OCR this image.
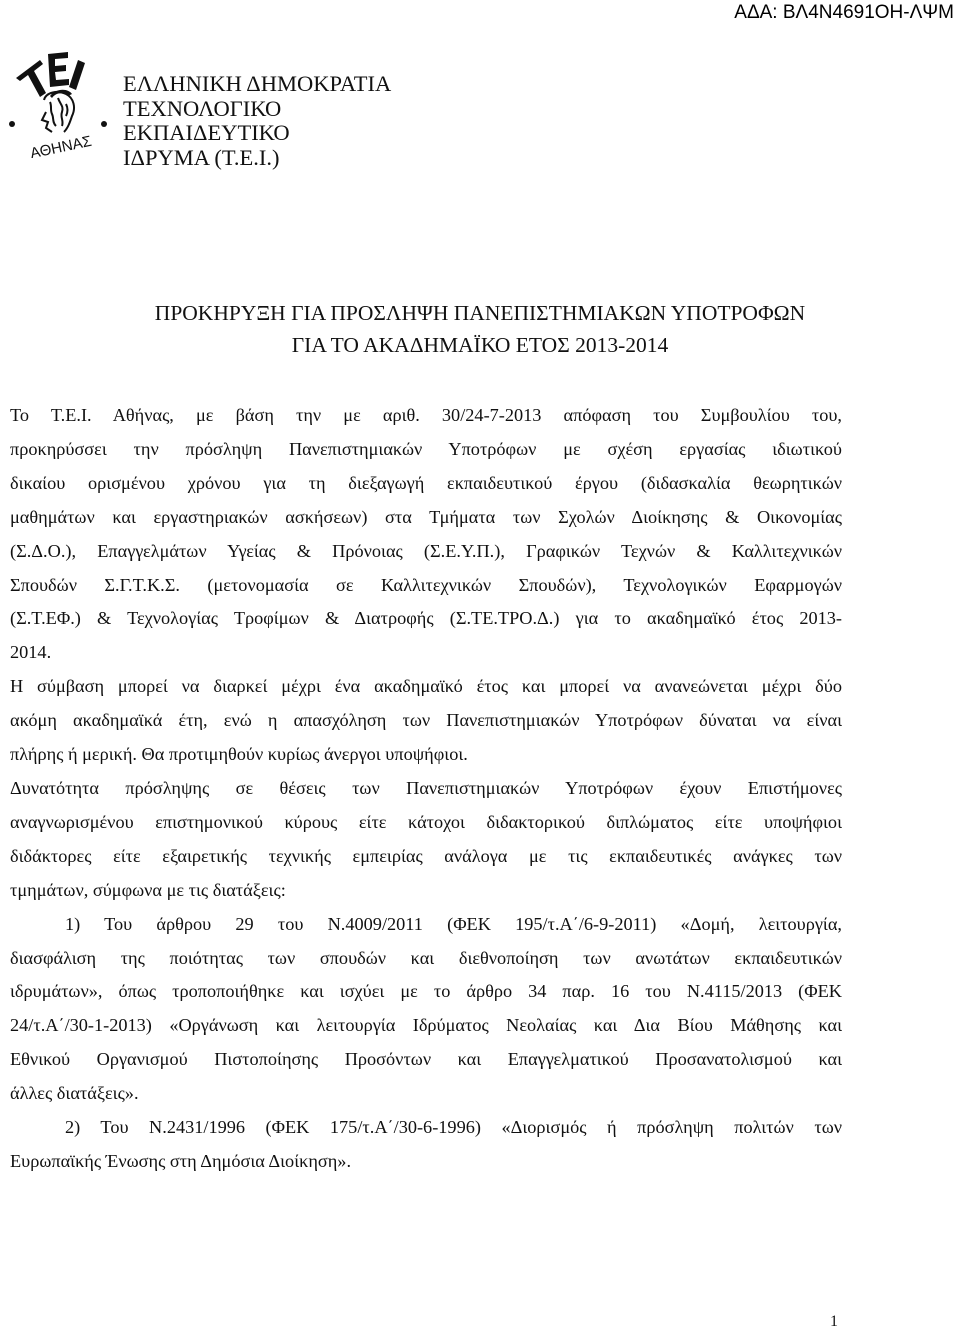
ΑΔΑ: ΒΛ4Ν4691ΟΗ-ΛΨΜ
ΑΘΗΝΑΣ
ΕΛΛΗΝΙΚΗ ΔΗΜΟΚΡΑΤΙΑ
ΤΕΧΝΟΛΟΓΙΚΟ
ΕΚΠΑΙΔΕΥΤΙΚΟ
ΙΔΡΥΜΑ (Τ.Ε.Ι.)
ΠΡΟΚΗΡΥΞΗ ΓΙΑ ΠΡΟΣΛΗΨΗ ΠΑΝΕΠΙΣΤΗΜΙΑΚΩΝ ΥΠΟΤΡΟΦΩΝ
ΓΙΑ ΤΟ ΑΚΑΔΗΜΑΪΚΟ ΕΤΟΣ 2013-2014

Το Τ.Ε.Ι. Αθήνας, με βάση την με αριθ. 30/24-7-2013 απόφαση του Συμβουλίου του,
προκηρύσσει την πρόσληψη Πανεπιστημιακών Υποτρόφων με σχέση εργασίας ιδιωτικού
δικαίου ορισμένου χρόνου για τη διεξαγωγή εκπαιδευτικού έργου (διδασκαλία θεωρητικών
μαθημάτων και εργαστηριακών ασκήσεων) στα Τμήματα των Σχολών Διοίκησης & Οικονομίας
(Σ.Δ.Ο.), Επαγγελμάτων Υγείας & Πρόνοιας (Σ.Ε.Υ.Π.), Γραφικών Τεχνών & Καλλιτεχνικών
Σπουδών Σ.Γ.Τ.Κ.Σ. (μετονομασία σε Καλλιτεχνικών Σπουδών), Τεχνολογικών Εφαρμογών
(Σ.Τ.ΕΦ.) & Τεχνολογίας Τροφίμων & Διατροφής (Σ.ΤΕ.ΤΡΟ.Δ.) για το ακαδημαϊκό έτος 2013-
2014.

Η σύμβαση μπορεί να διαρκεί μέχρι ένα ακαδημαϊκό έτος και μπορεί να ανανεώνεται μέχρι δύο
ακόμη ακαδημαϊκά έτη, ενώ η απασχόληση των Πανεπιστημιακών Υποτρόφων δύναται να είναι
πλήρης ή μερική. Θα προτιμηθούν κυρίως άνεργοι υποψήφιοι.

Δυνατότητα πρόσληψης σε θέσεις των Πανεπιστημιακών Υποτρόφων έχουν Επιστήμονες
αναγνωρισμένου επιστημονικού κύρους είτε κάτοχοι διδακτορικού διπλώματος είτε υποψήφιοι
διδάκτορες είτε εξαιρετικής τεχνικής εμπειρίας ανάλογα με τις εκπαιδευτικές ανάγκες των
τμημάτων, σύμφωνα με τις διατάξεις:

1) Του άρθρου 29 του Ν.4009/2011 (ΦΕΚ 195/τ.Α΄/6-9-2011) «Δομή, λειτουργία,
διασφάλιση της ποιότητας των σπουδών και διεθνοποίηση των ανωτάτων εκπαιδευτικών
ιδρυμάτων», όπως τροποποιήθηκε και ισχύει με το άρθρο 34 παρ. 16 του Ν.4115/2013 (ΦΕΚ
24/τ.Α΄/30-1-2013) «Οργάνωση και λειτουργία Ιδρύματος Νεολαίας και Δια Βίου Μάθησης και
Εθνικού Οργανισμού Πιστοποίησης Προσόντων και Επαγγελματικού Προσανατολισμού και
άλλες διατάξεις».

2) Του Ν.2431/1996 (ΦΕΚ 175/τ.Α΄/30-6-1996) «Διορισμός ή πρόσληψη πολιτών των
Ευρωπαϊκής Ένωσης στη Δημόσια Διοίκηση».

1
